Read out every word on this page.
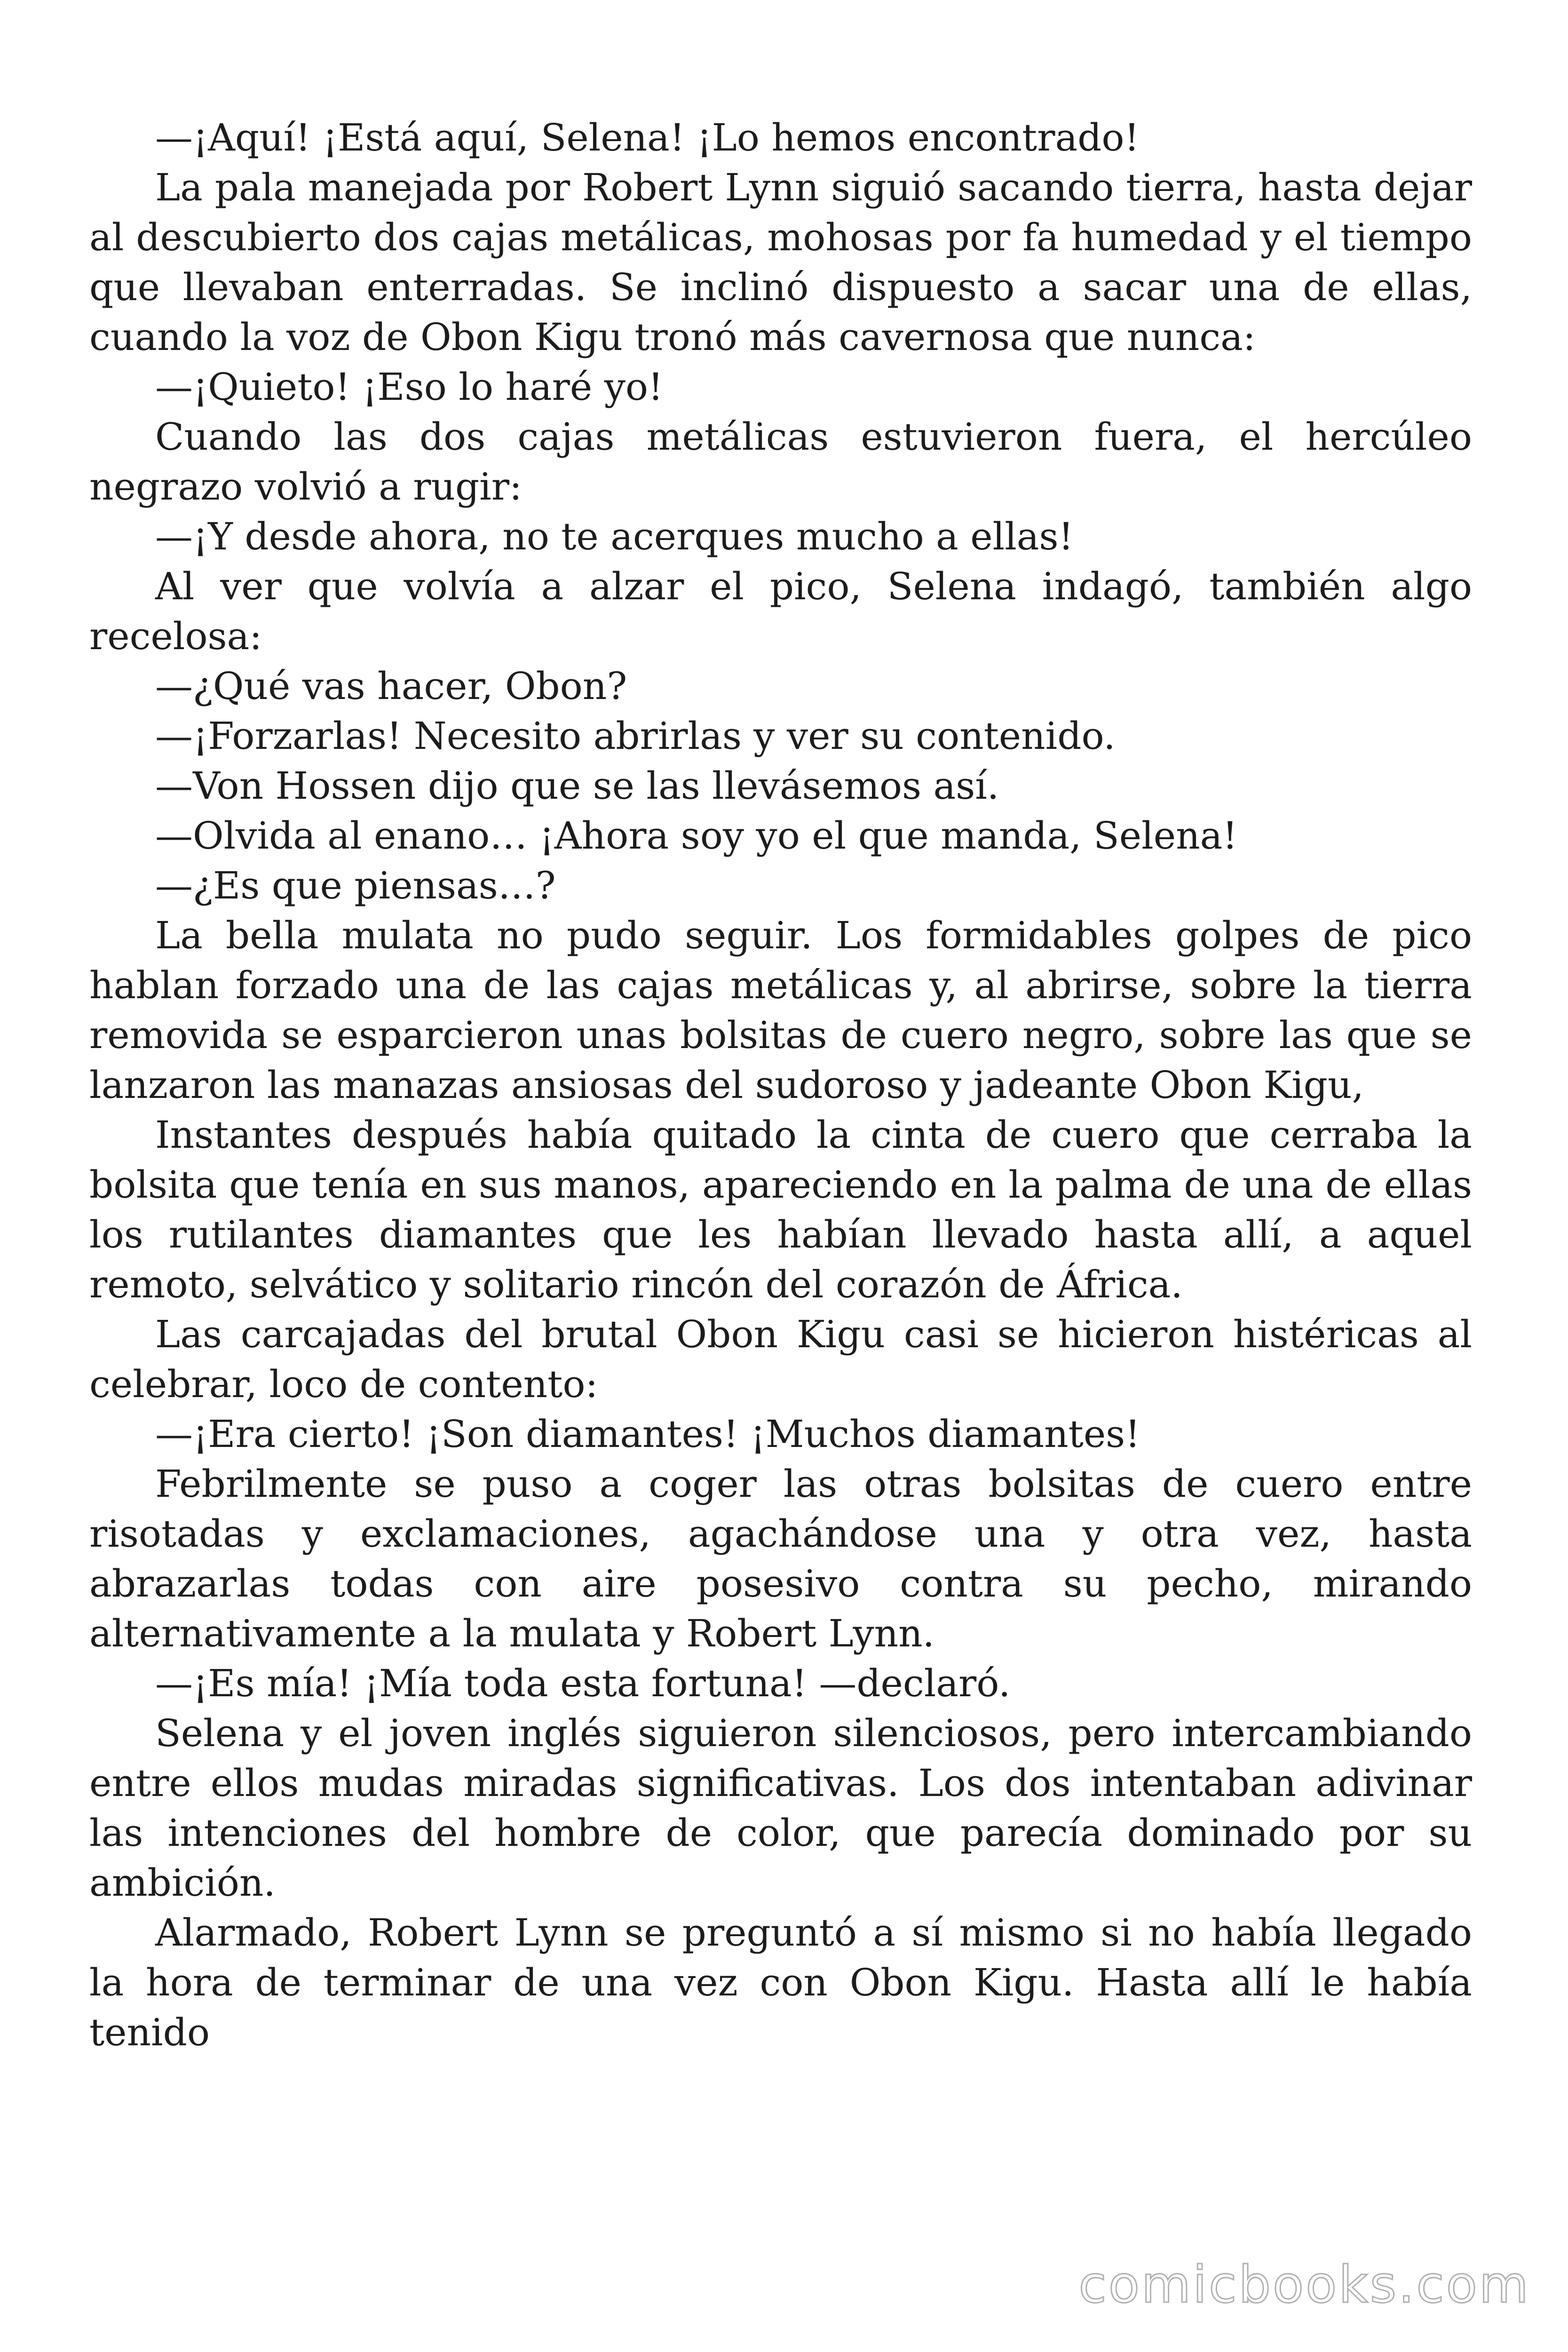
—¡Aquí! ¡Está aquí, Selena! ¡Lo hemos encontrado!

La pala manejada por Robert Lynn siguió sacando tierra, hasta dejar al descubierto dos cajas metálicas, mohosas por fa humedad y el tiempo que llevaban enterradas. Se inclinó dispuesto a sacar una de ellas, cuando la voz de Obon Kigu tronó más cavernosa que nunca:

—¡Quieto! ¡Eso lo haré yo!

Cuando las dos cajas metálicas estuvieron fuera, el hercúleo negrazo volvió a rugir:

—¡Y desde ahora, no te acerques mucho a ellas!

Al ver que volvía a alzar el pico, Selena indagó, también algo recelosa:

—¿Qué vas hacer, Obon?

—¡Forzarlas! Necesito abrirlas y ver su contenido.

—Von Hossen dijo que se las llevásemos así.

—Olvida al enano… ¡Ahora soy yo el que manda, Selena!

—¿Es que piensas…?

La bella mulata no pudo seguir. Los formidables golpes de pico hablan forzado una de las cajas metálicas y, al abrirse, sobre la tierra removida se esparcieron unas bolsitas de cuero negro, sobre las que se lanzaron las manazas ansiosas del sudoroso y jadeante Obon Kigu,

Instantes después había quitado la cinta de cuero que cerraba la bolsita que tenía en sus manos, apareciendo en la palma de una de ellas los rutilantes diamantes que les habían llevado hasta allí, a aquel remoto, selvático y solitario rincón del corazón de África.

Las carcajadas del brutal Obon Kigu casi se hicieron histéricas al celebrar, loco de contento:

—¡Era cierto! ¡Son diamantes! ¡Muchos diamantes!

Febrilmente se puso a coger las otras bolsitas de cuero entre risotadas y exclamaciones, agachándose una y otra vez, hasta abrazarlas todas con aire posesivo contra su pecho, mirando alternativamente a la mulata y Robert Lynn.

—¡Es mía! ¡Mía toda esta fortuna! —declaró.

Selena y el joven inglés siguieron silenciosos, pero intercambiando entre ellos mudas miradas significativas. Los dos intentaban adivinar las intenciones del hombre de color, que parecía dominado por su ambición.

Alarmado, Robert Lynn se preguntó a sí mismo si no había llegado la hora de terminar de una vez con Obon Kigu. Hasta allí le había tenido

comicbooks.com
